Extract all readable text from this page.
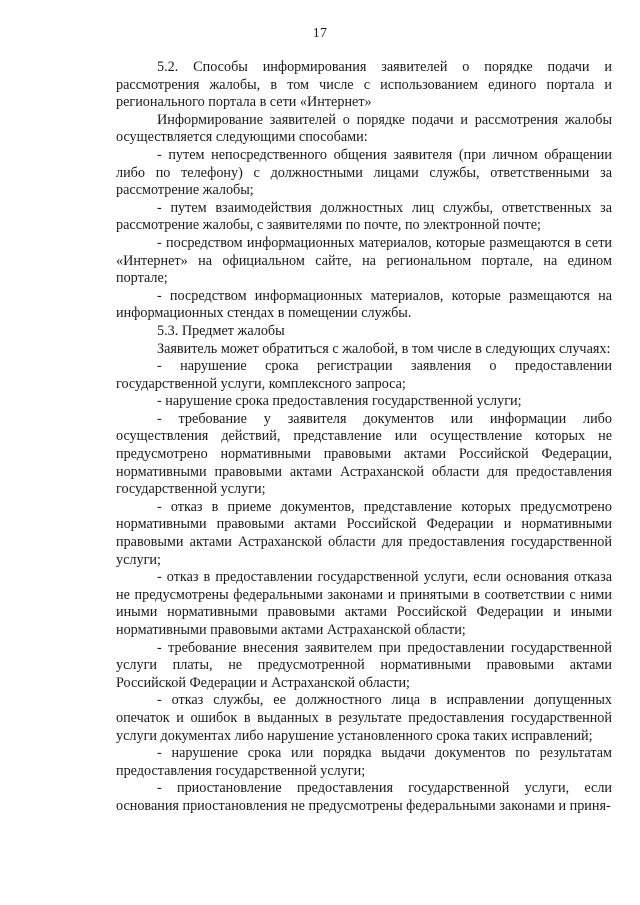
17

5.2. Способы информирования заявителей о порядке подачи и рассмотрения жалобы, в том числе с использованием единого портала и регионального портала в сети «Интернет»

Информирование заявителей о порядке подачи и рассмотрения жалобы осуществляется следующими способами:

- путем непосредственного общения заявителя (при личном обращении либо по телефону) с должностными лицами службы, ответственными за рассмотрение жалобы;

- путем взаимодействия должностных лиц службы, ответственных за рассмотрение жалобы, с заявителями по почте, по электронной почте;

- посредством информационных материалов, которые размещаются в сети «Интернет» на официальном сайте, на региональном портале, на едином портале;

- посредством информационных материалов, которые размещаются на информационных стендах в помещении службы.

5.3. Предмет жалобы

Заявитель может обратиться с жалобой, в том числе в следующих случаях:

- нарушение срока регистрации заявления о предоставлении государственной услуги, комплексного запроса;

- нарушение срока предоставления государственной услуги;

- требование у заявителя документов или информации либо осуществления действий, представление или осуществление которых не предусмотрено нормативными правовыми актами Российской Федерации, нормативными правовыми актами Астраханской области для предоставления государственной услуги;

- отказ в приеме документов, представление которых предусмотрено нормативными правовыми актами Российской Федерации и нормативными правовыми актами Астраханской области для предоставления государственной услуги;

- отказ в предоставлении государственной услуги, если основания отказа не предусмотрены федеральными законами и принятыми в соответствии с ними иными нормативными правовыми актами Российской Федерации и иными нормативными правовыми актами Астраханской области;

- требование внесения заявителем при предоставлении государственной услуги платы, не предусмотренной нормативными правовыми актами Российской Федерации и Астраханской области;

- отказ службы, ее должностного лица в исправлении допущенных опечаток и ошибок в выданных в результате предоставления государственной услуги документах либо нарушение установленного срока таких исправлений;

- нарушение срока или порядка выдачи документов по результатам предоставления государственной услуги;

- приостановление предоставления государственной услуги, если основания приостановления не предусмотрены федеральными законами и приня-
